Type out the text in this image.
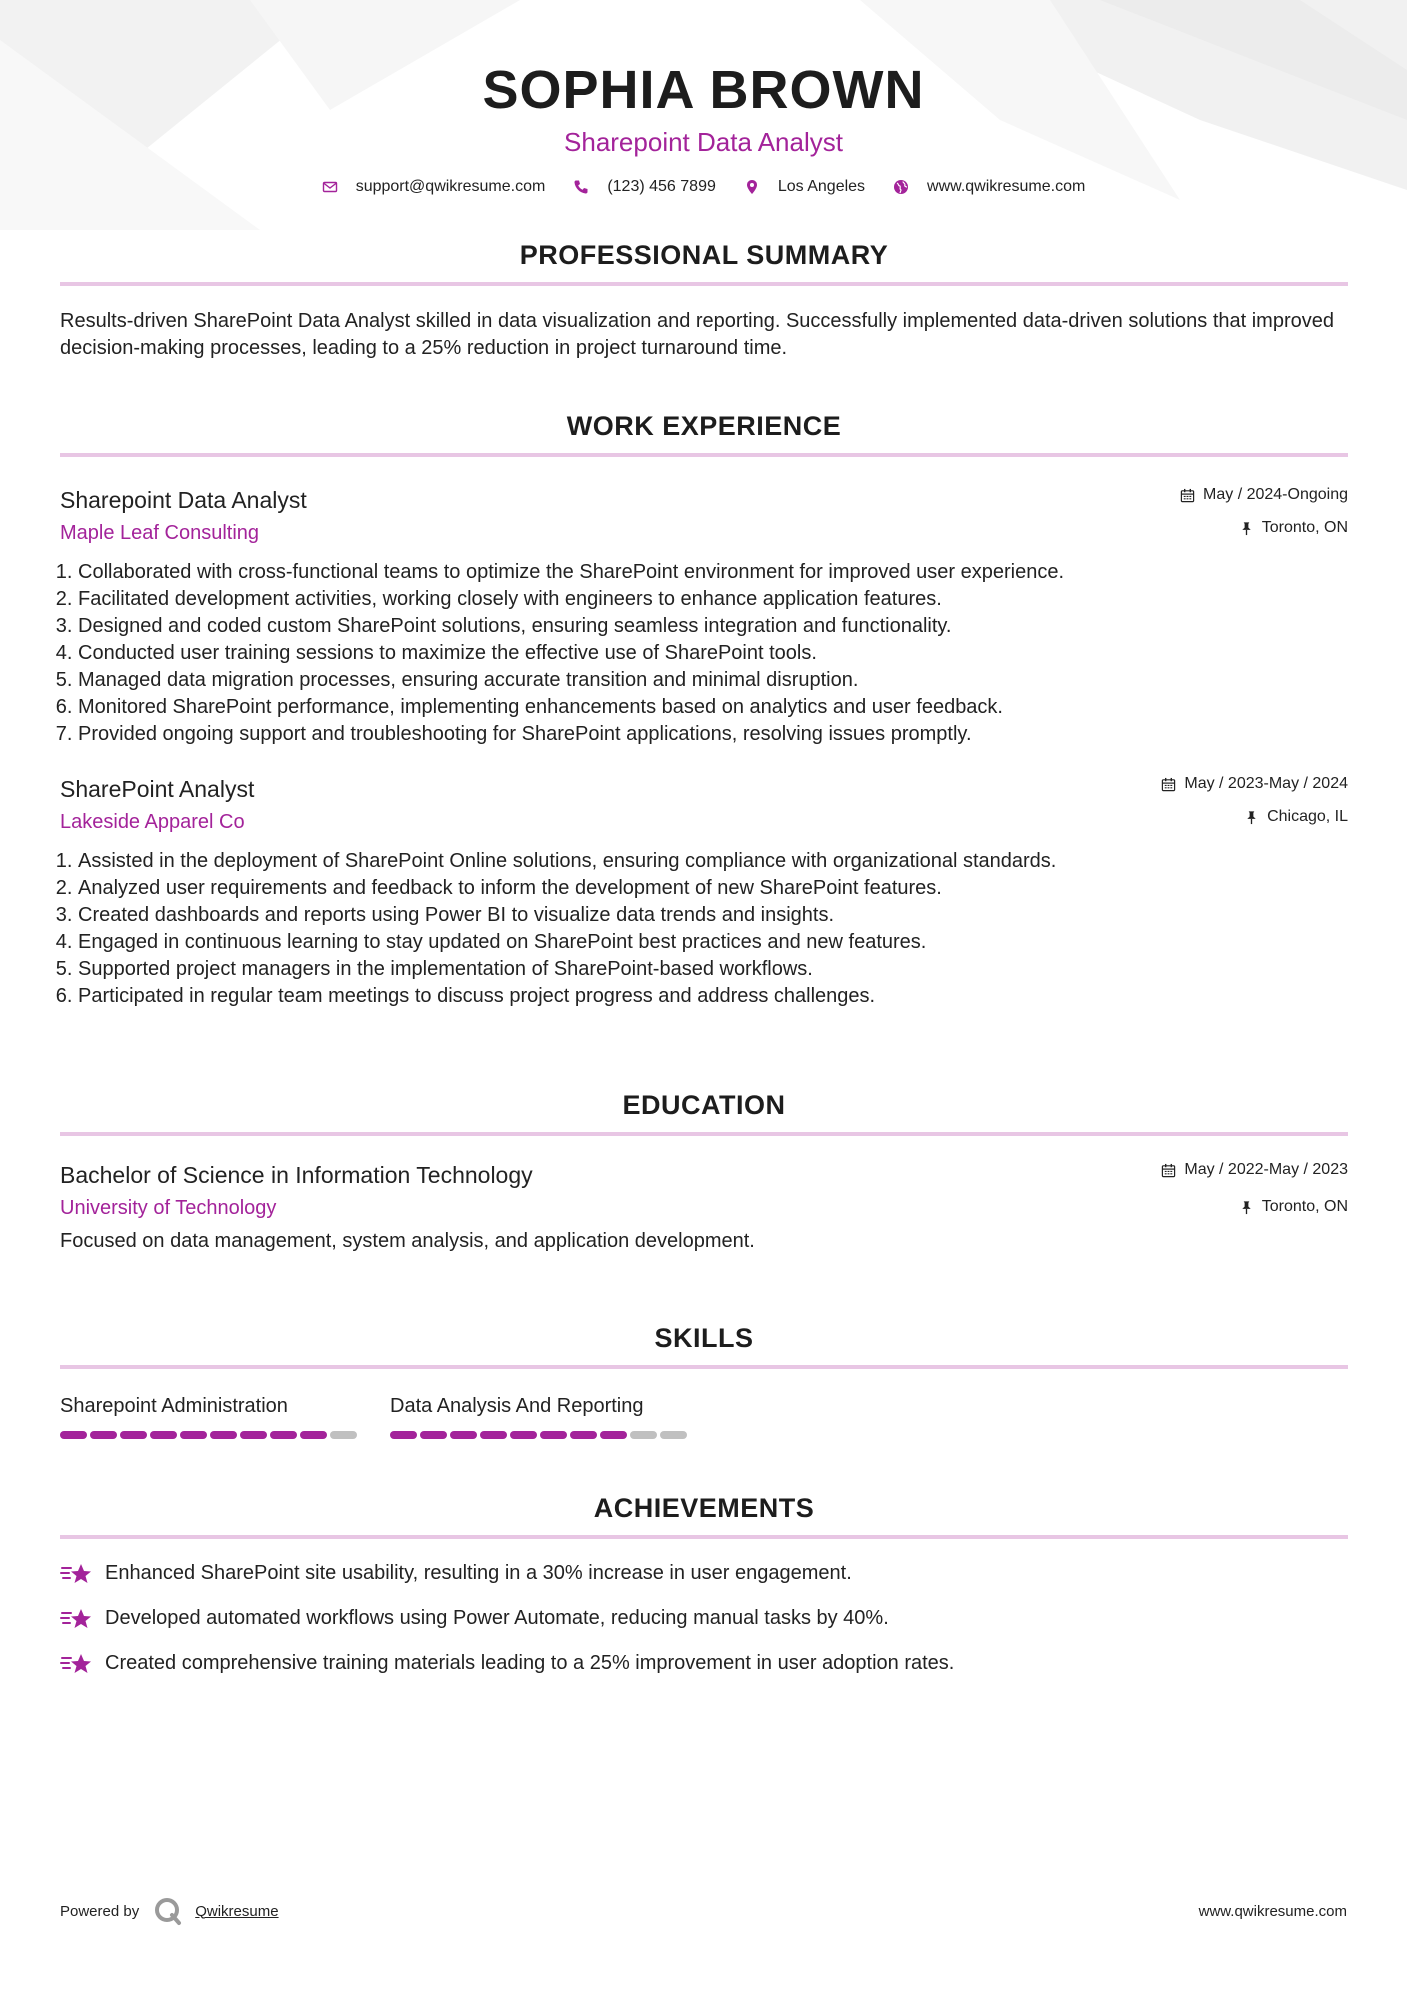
SOPHIA BROWN
Sharepoint Data Analyst
support@qwikresume.com	(123) 456 7899	Los Angeles	www.qwikresume.com
PROFESSIONAL SUMMARY
Results-driven SharePoint Data Analyst skilled in data visualization and reporting. Successfully implemented data-driven solutions that improved decision-making processes, leading to a 25% reduction in project turnaround time.
WORK EXPERIENCE
Sharepoint Data Analyst
Maple Leaf Consulting
May / 2024-Ongoing
Toronto, ON
1. Collaborated with cross-functional teams to optimize the SharePoint environment for improved user experience.
2. Facilitated development activities, working closely with engineers to enhance application features.
3. Designed and coded custom SharePoint solutions, ensuring seamless integration and functionality.
4. Conducted user training sessions to maximize the effective use of SharePoint tools.
5. Managed data migration processes, ensuring accurate transition and minimal disruption.
6. Monitored SharePoint performance, implementing enhancements based on analytics and user feedback.
7. Provided ongoing support and troubleshooting for SharePoint applications, resolving issues promptly.
SharePoint Analyst
Lakeside Apparel Co
May / 2023-May / 2024
Chicago, IL
1. Assisted in the deployment of SharePoint Online solutions, ensuring compliance with organizational standards.
2. Analyzed user requirements and feedback to inform the development of new SharePoint features.
3. Created dashboards and reports using Power BI to visualize data trends and insights.
4. Engaged in continuous learning to stay updated on SharePoint best practices and new features.
5. Supported project managers in the implementation of SharePoint-based workflows.
6. Participated in regular team meetings to discuss project progress and address challenges.
EDUCATION
Bachelor of Science in Information Technology
University of Technology
May / 2022-May / 2023
Toronto, ON
Focused on data management, system analysis, and application development.
SKILLS
Sharepoint Administration	Data Analysis And Reporting
ACHIEVEMENTS
Enhanced SharePoint site usability, resulting in a 30% increase in user engagement.
Developed automated workflows using Power Automate, reducing manual tasks by 40%.
Created comprehensive training materials leading to a 25% improvement in user adoption rates.
Powered by	Qwikresume	www.qwikresume.com
